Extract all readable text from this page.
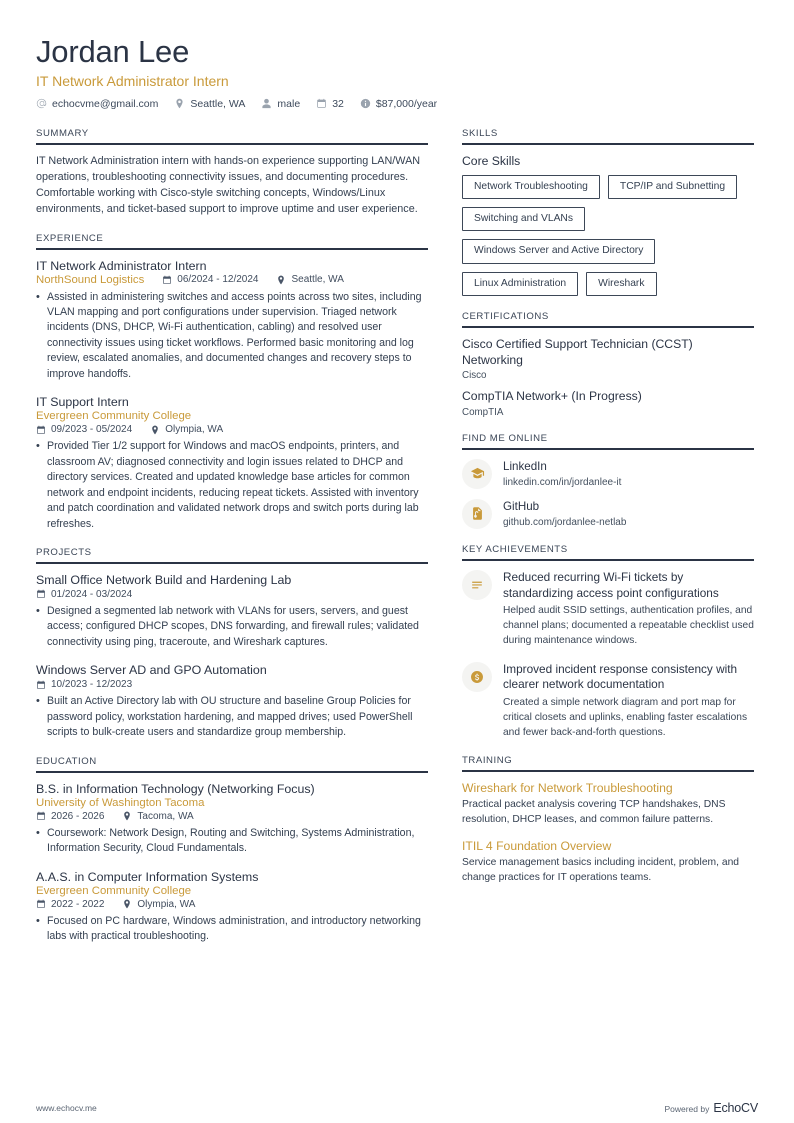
Jordan Lee
IT Network Administrator Intern
echocvme@gmail.com	Seattle, WA	male	32	$87,000/year
SUMMARY
IT Network Administration intern with hands-on experience supporting LAN/WAN operations, troubleshooting connectivity issues, and documenting procedures. Comfortable working with Cisco-style switching concepts, Windows/Linux environments, and ticket-based support to improve uptime and user experience.
EXPERIENCE
IT Network Administrator Intern
NorthSound Logistics	06/2024 - 12/2024	Seattle, WA
• Assisted in administering switches and access points across two sites, including VLAN mapping and port configurations under supervision. Triaged network incidents (DNS, DHCP, Wi-Fi authentication, cabling) and resolved user connectivity issues using ticket workflows. Performed basic monitoring and log review, escalated anomalies, and documented changes and recovery steps to improve handoffs.
IT Support Intern
Evergreen Community College
09/2023 - 05/2024	Olympia, WA
• Provided Tier 1/2 support for Windows and macOS endpoints, printers, and classroom AV; diagnosed connectivity and login issues related to DHCP and directory services. Created and updated knowledge base articles for common network and endpoint incidents, reducing repeat tickets. Assisted with inventory and patch coordination and validated network drops and switch ports during lab refreshes.
PROJECTS
Small Office Network Build and Hardening Lab
01/2024 - 03/2024
• Designed a segmented lab network with VLANs for users, servers, and guest access; configured DHCP scopes, DNS forwarding, and firewall rules; validated connectivity using ping, traceroute, and Wireshark captures.
Windows Server AD and GPO Automation
10/2023 - 12/2023
• Built an Active Directory lab with OU structure and baseline Group Policies for password policy, workstation hardening, and mapped drives; used PowerShell scripts to bulk-create users and standardize group membership.
EDUCATION
B.S. in Information Technology (Networking Focus)
University of Washington Tacoma
2026 - 2026	Tacoma, WA
• Coursework: Network Design, Routing and Switching, Systems Administration, Information Security, Cloud Fundamentals.
A.A.S. in Computer Information Systems
Evergreen Community College
2022 - 2022	Olympia, WA
• Focused on PC hardware, Windows administration, and introductory networking labs with practical troubleshooting.
SKILLS
Core Skills
Network Troubleshooting	TCP/IP and Subnetting
Switching and VLANs
Windows Server and Active Directory
Linux Administration	Wireshark
CERTIFICATIONS
Cisco Certified Support Technician (CCST) Networking
Cisco
CompTIA Network+ (In Progress)
CompTIA
FIND ME ONLINE
LinkedIn
linkedin.com/in/jordanlee-it
GitHub
github.com/jordanlee-netlab
KEY ACHIEVEMENTS
Reduced recurring Wi-Fi tickets by standardizing access point configurations
Helped audit SSID settings, authentication profiles, and channel plans; documented a repeatable checklist used during maintenance windows.
Improved incident response consistency with clearer network documentation
Created a simple network diagram and port map for critical closets and uplinks, enabling faster escalations and fewer back-and-forth questions.
TRAINING
Wireshark for Network Troubleshooting
Practical packet analysis covering TCP handshakes, DNS resolution, DHCP leases, and common failure patterns.
ITIL 4 Foundation Overview
Service management basics including incident, problem, and change practices for IT operations teams.
www.echocv.me	Powered by EchoCV
